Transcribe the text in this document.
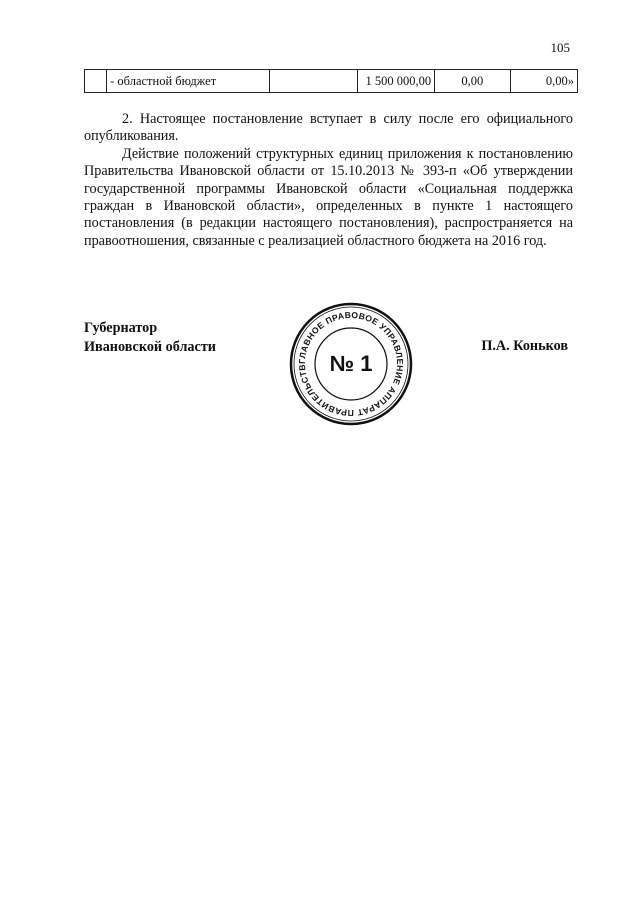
105
	- областной бюджет		1 500 000,00	0,00	0,00»

2. Настоящее постановление вступает в силу после его официального опубликования.

Действие положений структурных единиц приложения к постановлению Правительства Ивановской области от 15.10.2013 № 393-п «Об утверждении государственной программы Ивановской области «Социальная поддержка граждан в Ивановской области», определенных в пункте 1 настоящего постановления (в редакции настоящего постановления), распространяется на правоотношения, связанные с реализацией областного бюджета на 2016 год.

Губернатор
Ивановской области
ГЛАВНОЕ ПРАВОВОЕ УПРАВЛЕНИЕ АППАРАТ ПРАВИТЕЛЬСТВ	№ 1
П.А. Коньков
